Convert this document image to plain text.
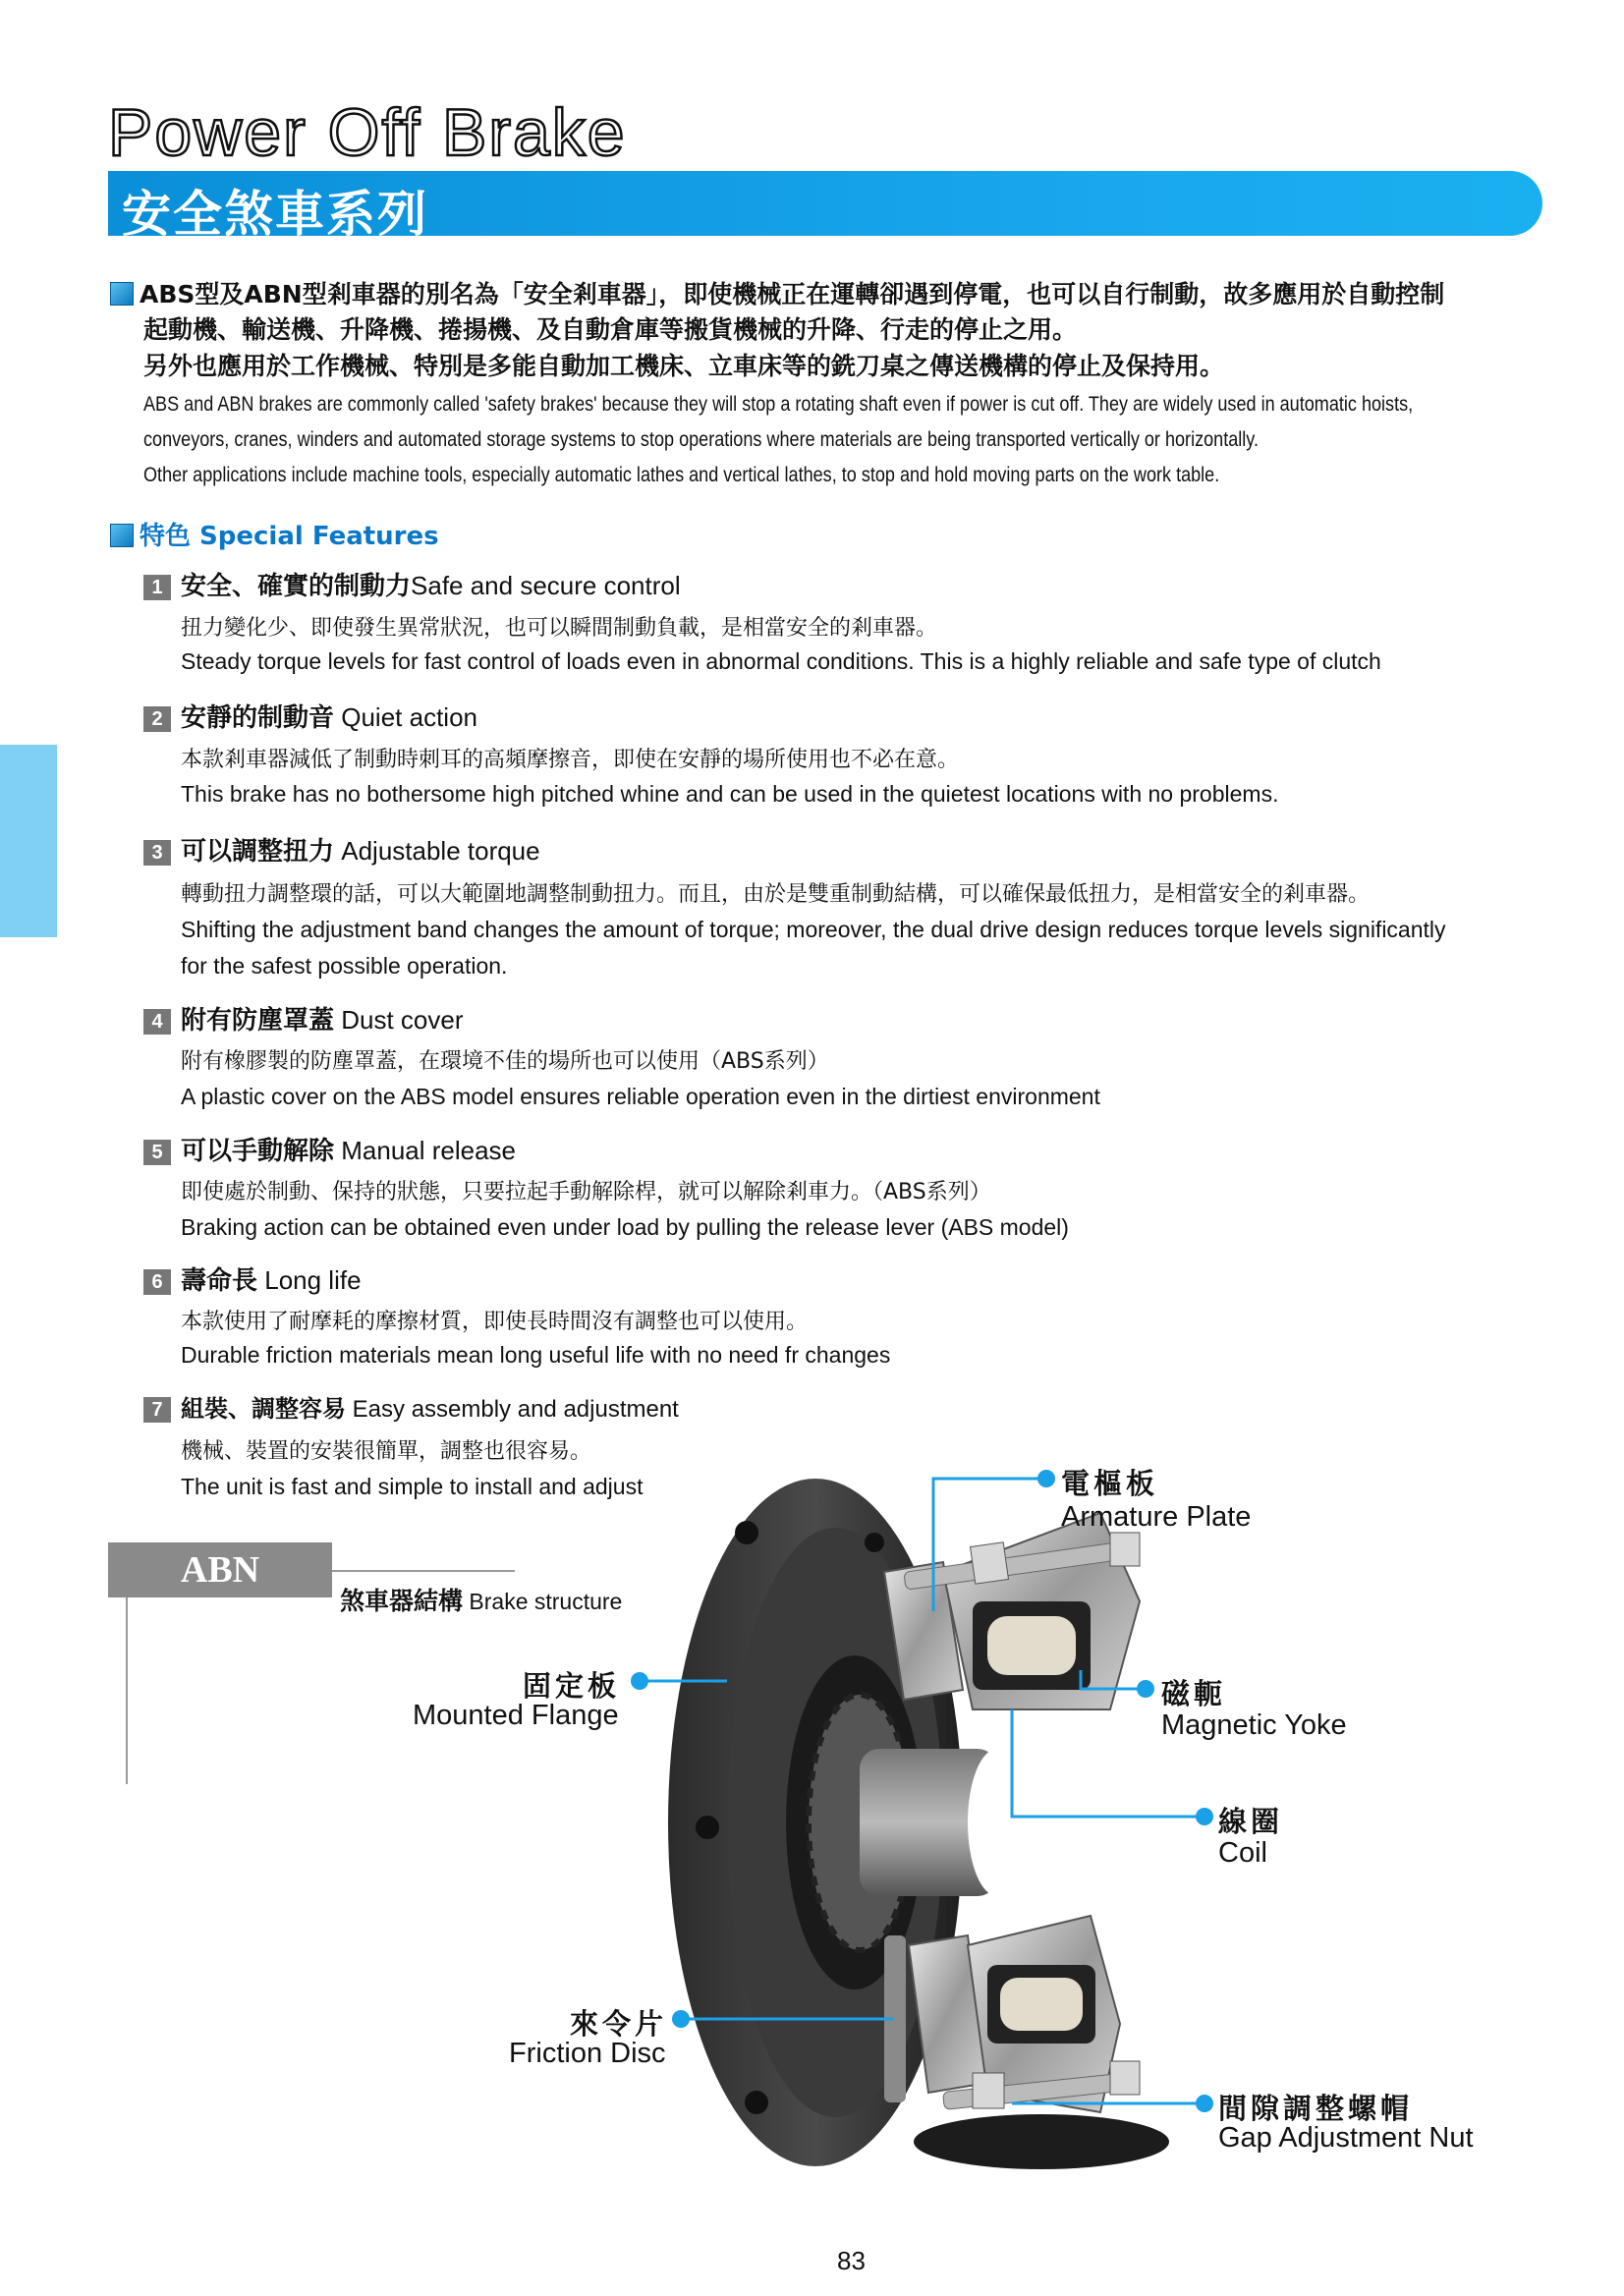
Power Off Brake
安全煞車系列
ABS型及ABN型剎車器的別名為「安全剎車器」，即使機械正在運轉卻遇到停電，也可以自行制動，故多應用於自動控制
起動機、輸送機、升降機、捲揚機、及自動倉庫等搬貨機械的升降、行走的停止之用。
另外也應用於工作機械、特別是多能自動加工機床、立車床等的銑刀桌之傳送機構的停止及保持用。
ABS and ABN brakes are commonly called 'safety brakes' because they will stop a rotating shaft even if power is cut off. They are widely used in automatic hoists,
conveyors, cranes, winders and automated storage systems to stop operations where materials are being transported vertically or horizontally.
Other applications include machine tools, especially automatic lathes and vertical lathes, to stop and hold moving parts on the work table.
特色 Special Features
1 安全、確實的制動力Safe and secure control
扭力變化少、即使發生異常狀況，也可以瞬間制動負載，是相當安全的剎車器。
Steady torque levels for fast control of loads even in abnormal conditions. This is a highly reliable and safe type of clutch
2 安靜的制動音 Quiet action
本款剎車器減低了制動時刺耳的高頻摩擦音，即使在安靜的場所使用也不必在意。
This brake has no bothersome high pitched whine and can be used in the quietest locations with no problems.
3 可以調整扭力 Adjustable torque
轉動扭力調整環的話，可以大範圍地調整制動扭力。而且，由於是雙重制動結構，可以確保最低扭力，是相當安全的剎車器。
Shifting the adjustment band changes the amount of torque; moreover, the dual drive design reduces torque levels significantly
for the safest possible operation.
4 附有防塵罩蓋 Dust cover
附有橡膠製的防塵罩蓋，在環境不佳的場所也可以使用（ABS系列）
A plastic cover on the ABS model ensures reliable operation even in the dirtiest environment
5 可以手動解除 Manual release
即使處於制動、保持的狀態，只要拉起手動解除桿，就可以解除剎車力。（ABS系列）
Braking action can be obtained even under load by pulling the release lever (ABS model)
6 壽命長 Long life
本款使用了耐摩耗的摩擦材質，即使長時間沒有調整也可以使用。
Durable friction materials mean long useful life with no need fr changes
7 組裝、調整容易 Easy assembly and adjustment
機械、裝置的安裝很簡單，調整也很容易。
The unit is fast and simple to install and adjust
ABN
煞車器結構 Brake structure
電樞板
Armature Plate
固定板
Mounted Flange
磁軛
Magnetic Yoke
線圈
Coil
來令片
Friction Disc
間隙調整螺帽
Gap Adjustment Nut
83
